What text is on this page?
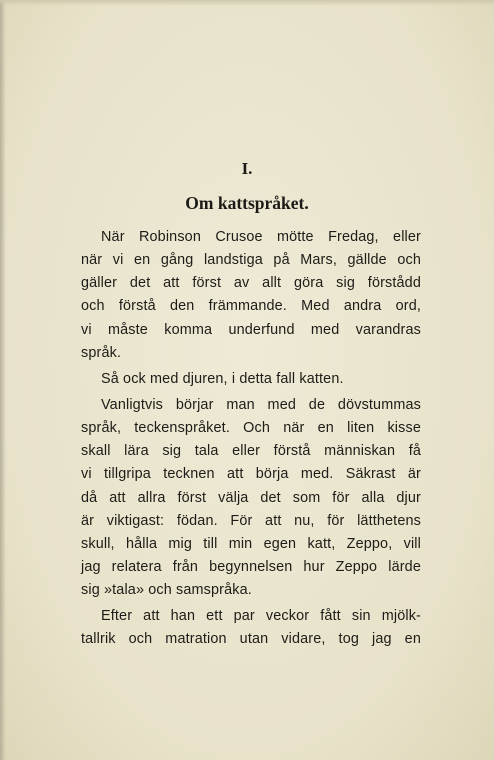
I.
Om kattspråket.
När Robinson Crusoe mötte Fredag, eller
när vi en gång landstiga på Mars, gällde och
gäller det att först av allt göra sig förstådd
och förstå den främmande. Med andra ord,
vi måste komma underfund med varandras
språk.
Så ock med djuren, i detta fall katten.
Vanligtvis börjar man med de dövstummas
språk, teckenspråket. Och när en liten kisse
skall lära sig tala eller förstå människan få
vi tillgripa tecknen att börja med. Säkrast är
då att allra först välja det som för alla djur
är viktigast: födan. För att nu, för lätthetens
skull, hålla mig till min egen katt, Zeppo, vill
jag relatera från begynnelsen hur Zeppo lärde
sig »tala» och samspråka.
Efter att han ett par veckor fått sin mjölk-
tallrik och matration utan vidare, tog jag en
